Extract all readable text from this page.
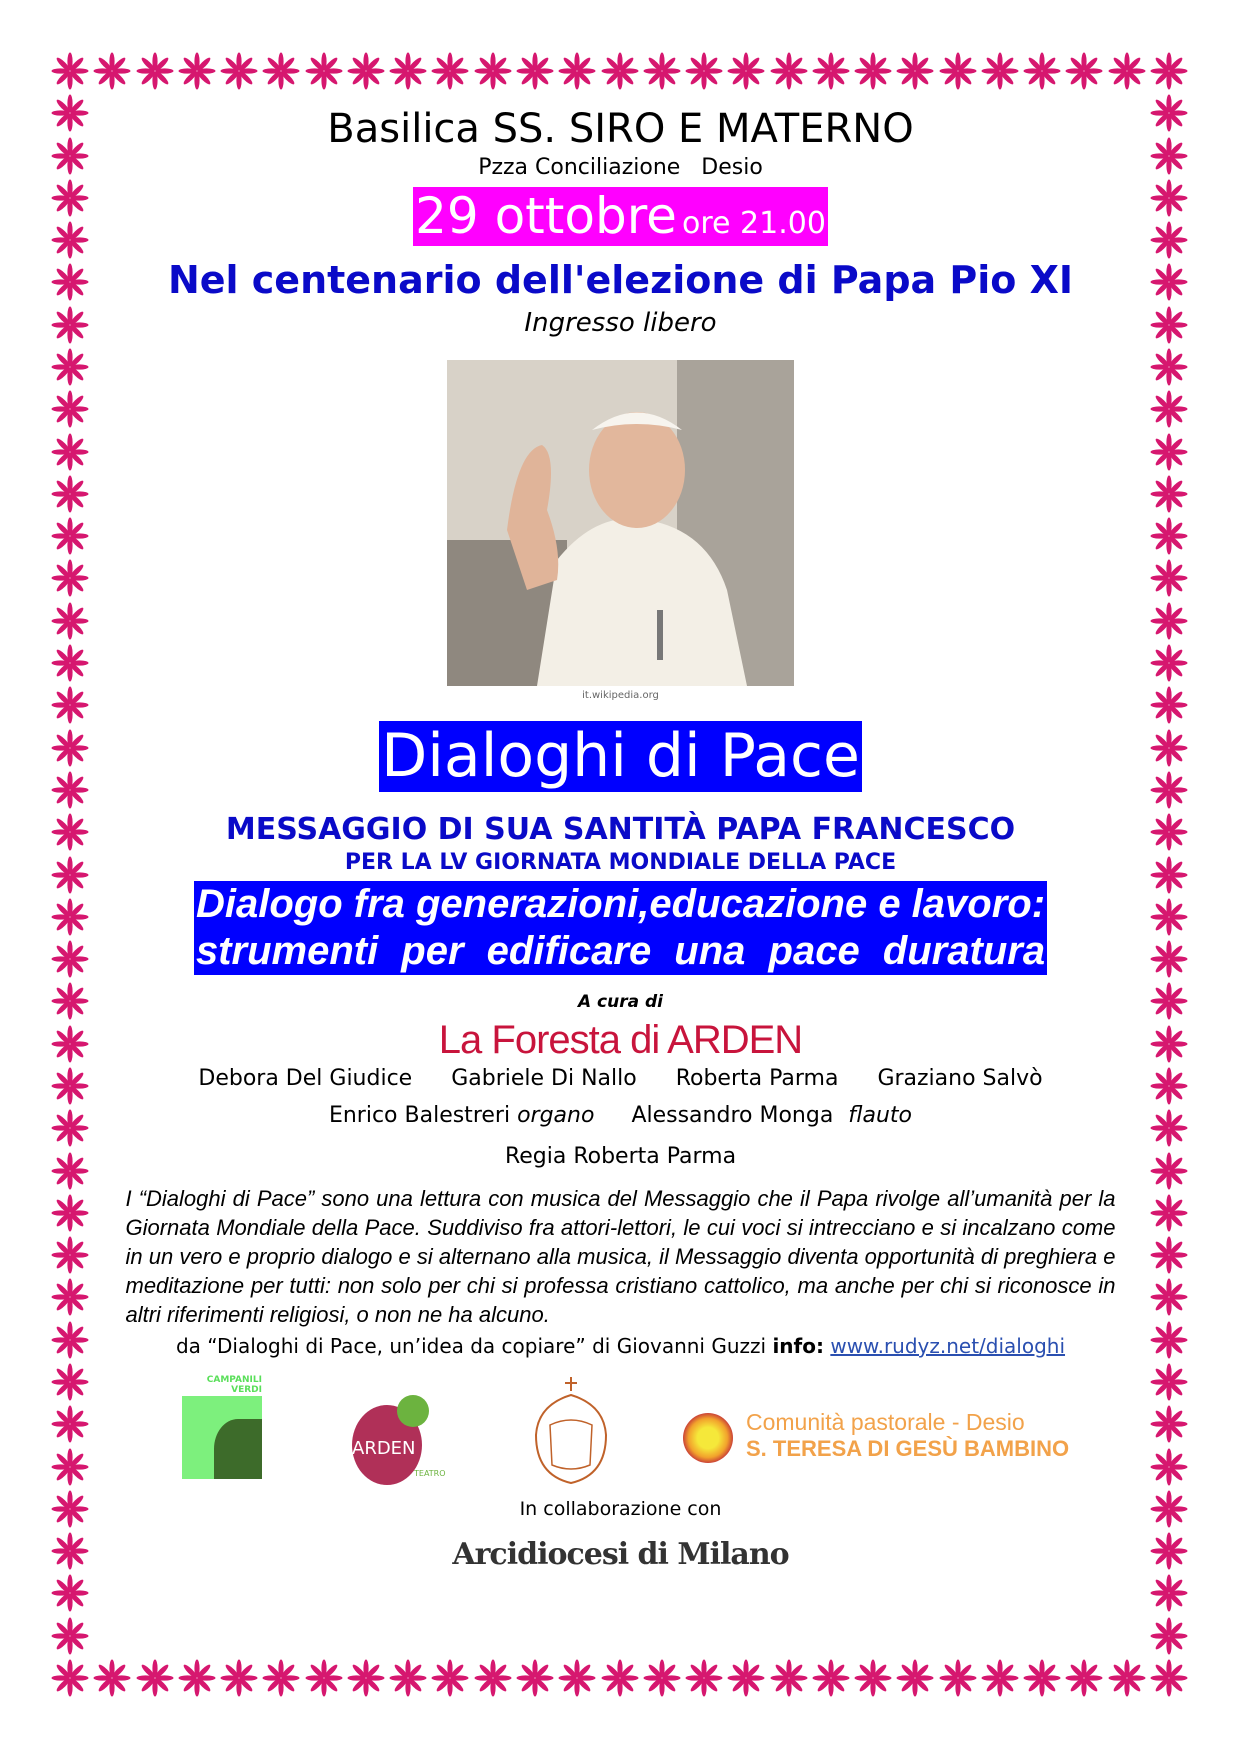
Basilica SS. SIRO E MATERNO
Pzza Conciliazione   Desio
29 ottobre ore 21.00
Nel centenario dell'elezione di Papa Pio XI
Ingresso libero
it.wikipedia.org
Dialoghi di Pace
MESSAGGIO DI SUA SANTITÀ PAPA FRANCESCO
PER LA LV GIORNATA MONDIALE DELLA PACE
Dialogo fra generazioni,educazione e lavoro:
strumenti per edificare una pace duratura
A cura di
La Foresta di ARDEN
Debora Del Giudice Gabriele Di Nallo Roberta Parma Graziano Salvò
Enrico Balestreri organo Alessandro Monga flauto
Regia Roberta Parma
I “Dialoghi di Pace” sono una lettura con musica del Messaggio che il Papa rivolge all’umanità per la Giornata Mondiale della Pace. Suddiviso fra attori-lettori, le cui voci si intrecciano e si incalzano come in un vero e proprio dialogo e si alternano alla musica, il Messaggio diventa opportunità di preghiera e meditazione per tutti: non solo per chi si professa cristiano cattolico, ma anche per chi si riconosce in altri riferimenti religiosi, o non ne ha alcuno.
da “Dialoghi di Pace, un’idea da copiare” di Giovanni Guzzi info: www.rudyz.net/dialoghi
CAMPANILI VERDI
ARDEN
TEATRO
Comunità pastorale - Desio
S. TERESA DI GESÙ BAMBINO
In collaborazione con
Arcidiocesi di Milano
